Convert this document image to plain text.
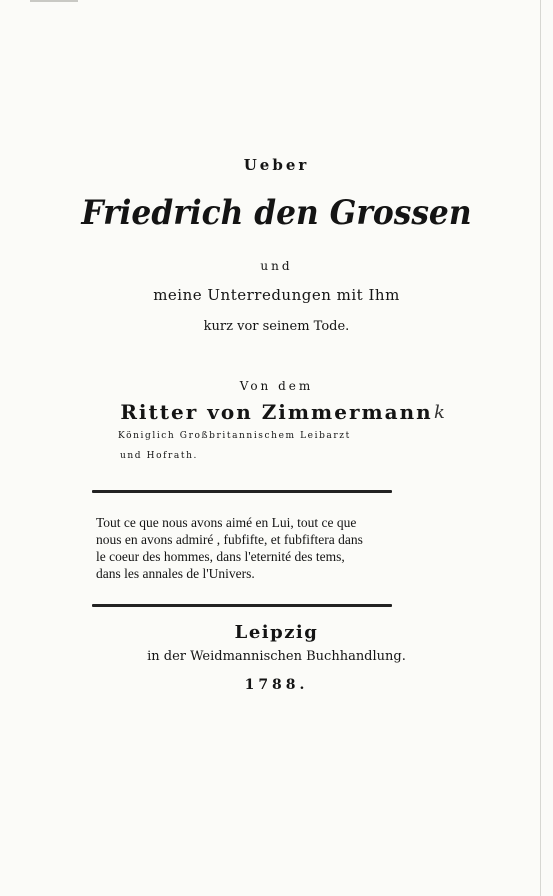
Ueber
Friedrich den Grossen
und
meine Unterredungen mit Ihm
kurz vor seinem Tode.
Von dem
Ritter von Zimmermann
Königlich Großbritannischem Leibarzt
und Hofrath.
k
Tout ce que nous avons aimé en Lui, tout ce que
nous en avons admiré , fubfifte, et fubfiftera dans
le coeur des hommes, dans l'eternité des tems,
dans les annales de l'Univers.
Leipzig
in der Weidmannischen Buchhandlung.
1788.
